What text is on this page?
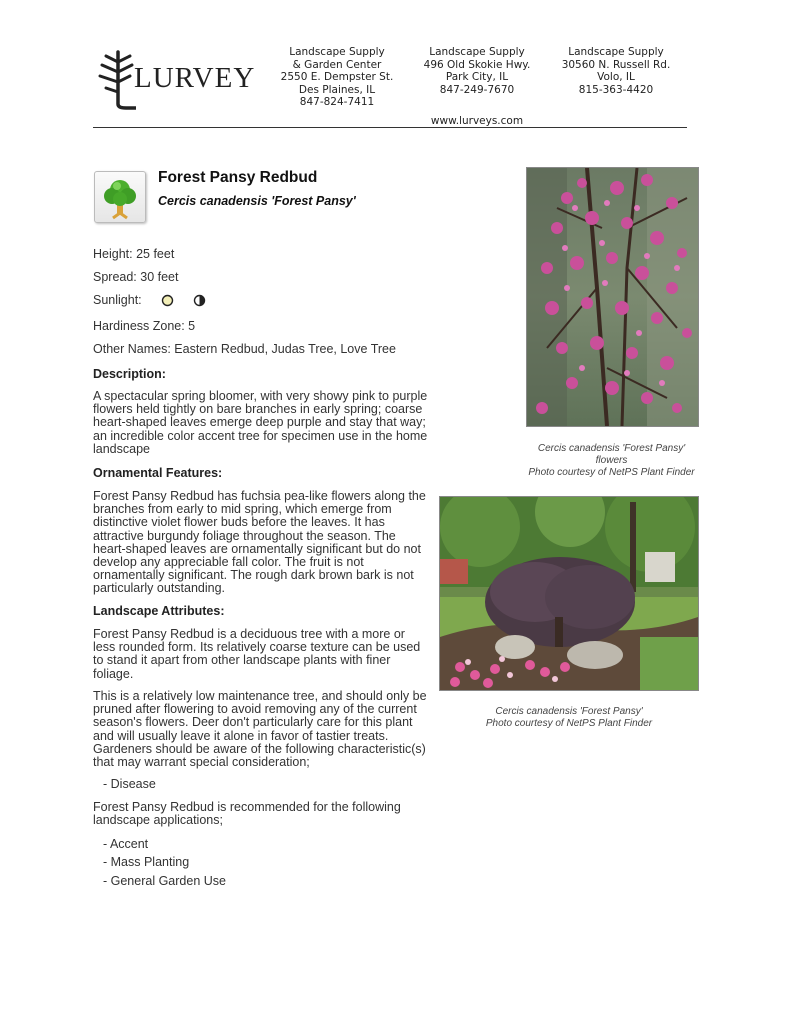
LURVEY
Landscape Supply
& Garden Center
2550 E. Dempster St.
Des Plaines, IL
847-824-7411
Landscape Supply
496 Old Skokie Hwy.
Park City, IL
847-249-7670
Landscape Supply
30560 N. Russell Rd.
Volo, IL
815-363-4420
www.lurveys.com
Forest Pansy Redbud
Cercis canadensis 'Forest Pansy'
Height: 25 feet
Spread: 30 feet
Sunlight:
Hardiness Zone: 5
Other Names: Eastern Redbud, Judas Tree, Love Tree
Description:

A spectacular spring bloomer, with very showy pink to purple flowers held tightly on bare branches in early spring; coarse heart-shaped leaves emerge deep purple and stay that way; an incredible color accent tree for specimen use in the home landscape

Ornamental Features:

Forest Pansy Redbud has fuchsia pea-like flowers along the branches from early to mid spring, which emerge from distinctive violet flower buds before the leaves. It has attractive burgundy foliage throughout the season. The heart-shaped leaves are ornamentally significant but do not develop any appreciable fall color. The fruit is not ornamentally significant. The rough dark brown bark is not particularly outstanding.

Landscape Attributes:

Forest Pansy Redbud is a deciduous tree with a more or less rounded form. Its relatively coarse texture can be used to stand it apart from other landscape plants with finer foliage.

This is a relatively low maintenance tree, and should only be pruned after flowering to avoid removing any of the current season's flowers. Deer don't particularly care for this plant and will usually leave it alone in favor of tastier treats. Gardeners should be aware of the following characteristic(s) that may warrant special consideration;

- Disease

Forest Pansy Redbud is recommended for the following landscape applications;

- Accent
- Mass Planting
- General Garden Use
Cercis canadensis 'Forest Pansy'
flowers
Photo courtesy of NetPS Plant Finder
Cercis canadensis 'Forest Pansy'
Photo courtesy of NetPS Plant Finder
